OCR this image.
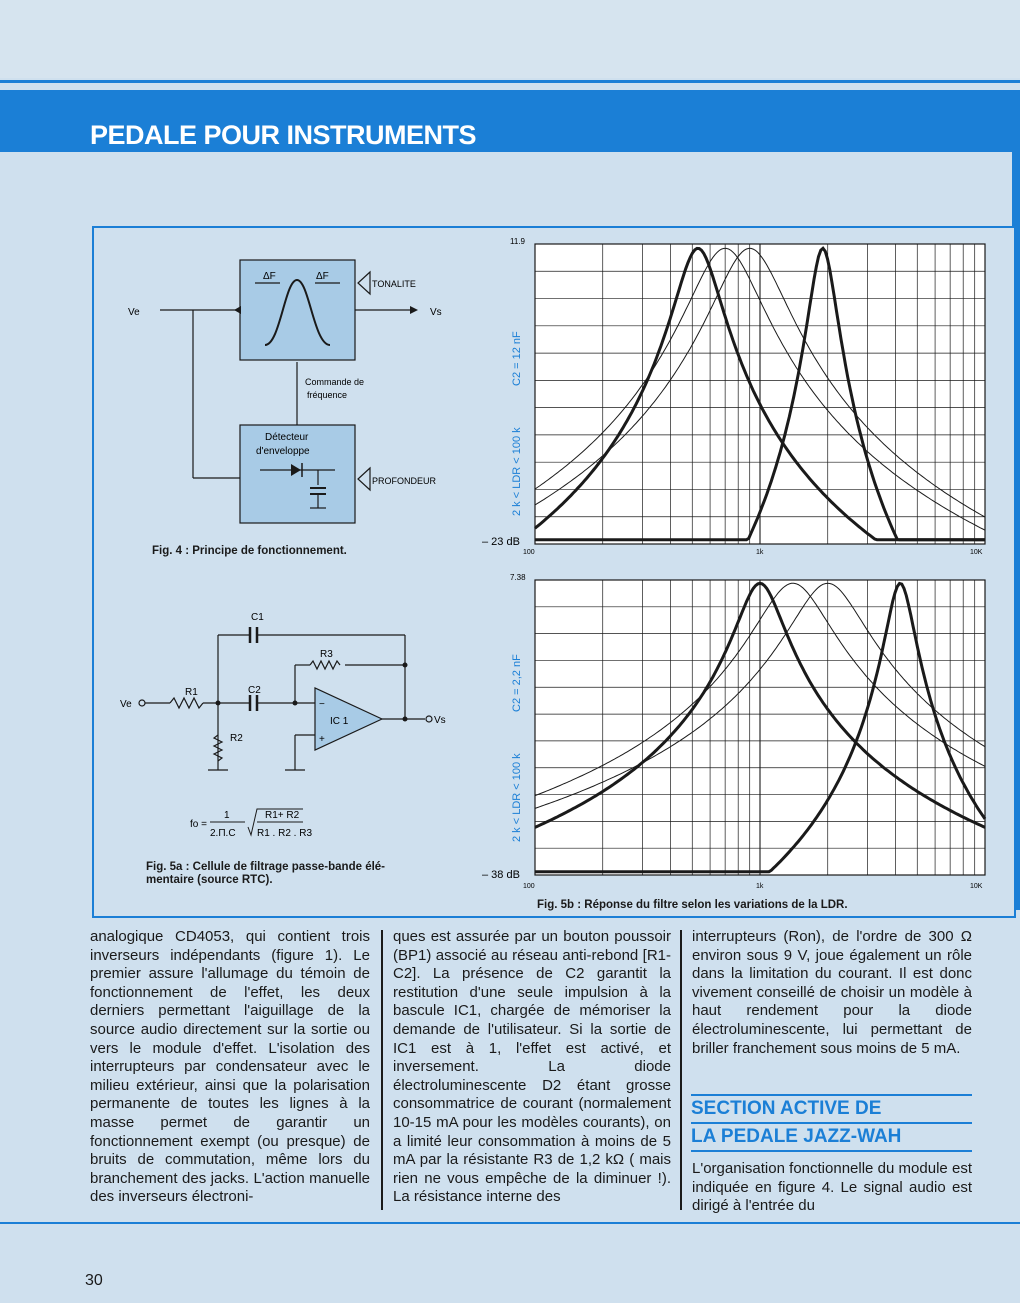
PEDALE POUR INSTRUMENTS
Ve	Vs
ΔF	ΔF
TONALITE
Commande de
fréquence
Détecteur
d'enveloppe
PROFONDEUR
Fig. 4 : Principe de fonctionnement.
C1
C2
R1
R2
R3
IC 1
Ve
Vs
−
+
fo =
1
2.Π.C
R1+ R2
R1 . R2 . R3
Fig. 5a : Cellule de filtrage passe-bande élé-
mentaire (source RTC).
11.9
– 23 dB
100	1k	10K
C2 = 12 nF
2 k < LDR < 100 k
7.38
– 38 dB
100	1k	10K
C2 = 2,2 nF
2 k < LDR < 100 k
Fig. 5b : Réponse du filtre selon les variations de la LDR.

analogique CD4053, qui contient trois inverseurs indépendants (figure 1). Le premier assure l'allumage du témoin de fonctionnement de l'effet, les deux derniers permettant l'aiguillage de la source audio directement sur la sortie ou vers le module d'effet. L'isolation des interrupteurs par condensateur avec le milieu extérieur, ainsi que la polarisation permanente de toutes les lignes à la masse permet de garantir un fonctionnement exempt (ou presque) de bruits de commutation, même lors du branchement des jacks. L'action manuelle des inverseurs électroni-

ques est assurée par un bouton poussoir (BP1) associé au réseau anti-rebond [R1-C2]. La présence de C2 garantit la restitution d'une seule impulsion à la bascule IC1, chargée de mémoriser la demande de l'utilisateur. Si la sortie de IC1 est à 1, l'effet est activé, et inversement. La diode électroluminescente D2 étant grosse consommatrice de courant (normalement 10-15 mA pour les modèles courants), on a limité leur consommation à moins de 5 mA par la résistante R3 de 1,2 kΩ ( mais rien ne vous empêche de la diminuer !). La résistance interne des

interrupteurs (Ron), de l'ordre de 300 Ω environ sous 9 V, joue également un rôle dans la limitation du courant. Il est donc vivement conseillé de choisir un modèle à haut rendement pour la diode électroluminescente, lui permettant de briller franchement sous moins de 5 mA.

SECTION ACTIVE DE
LA PEDALE JAZZ-WAH

L'organisation fonctionnelle du module est indiquée en figure 4. Le signal audio est dirigé à l'entrée du

30
